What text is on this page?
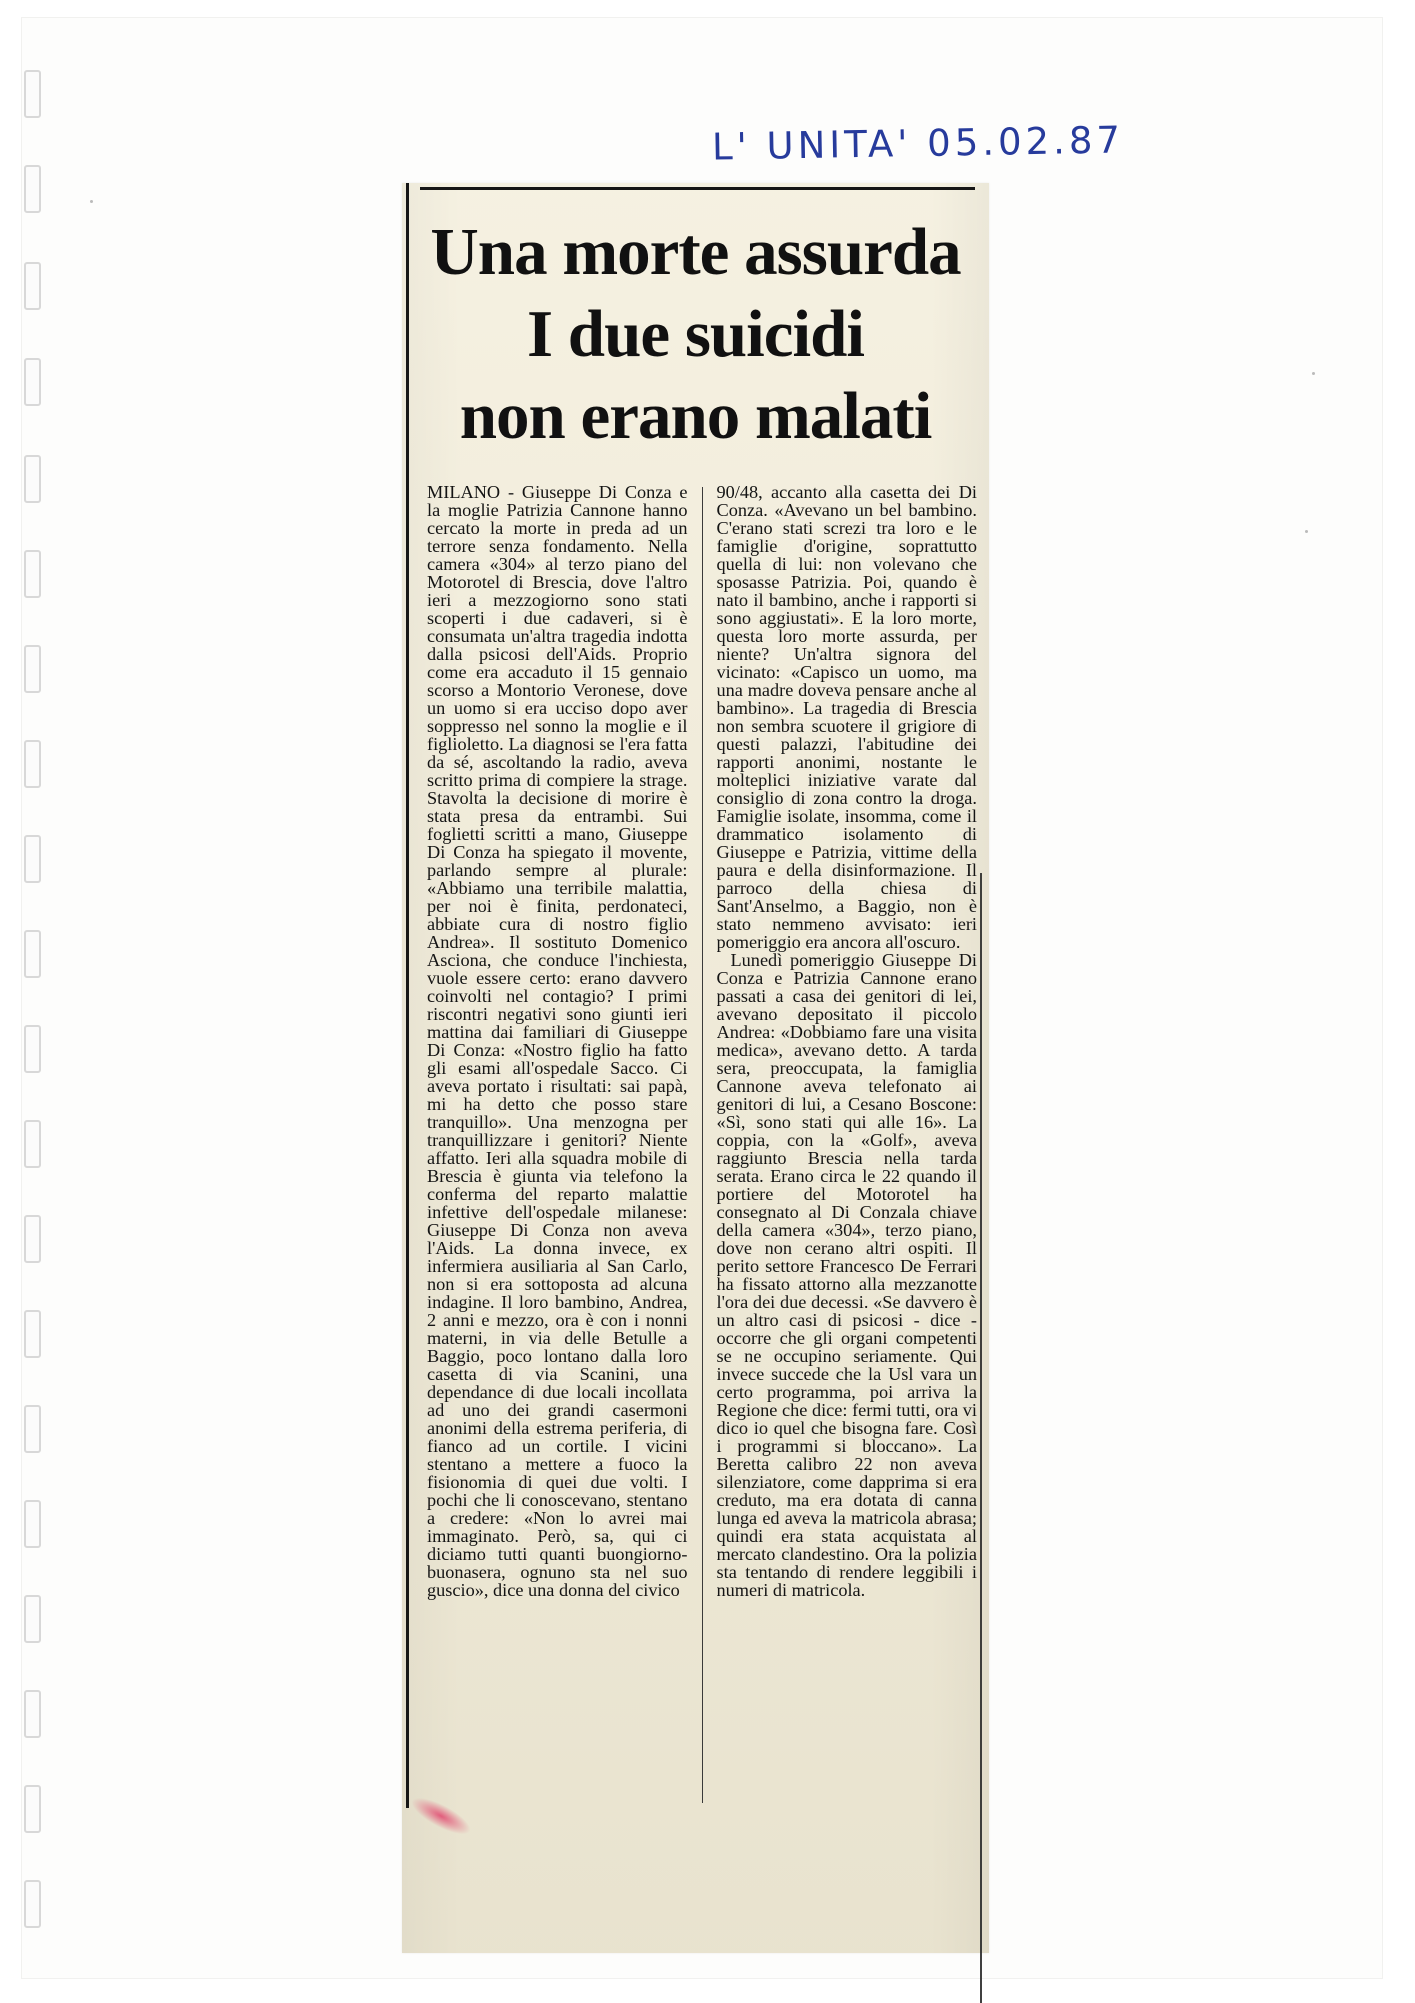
L' UNITA' 05.02.87
Una morte assurda
I due suicidi
non erano malati

MILANO - Giuseppe Di Conza e la moglie Patrizia Cannone hanno cercato la morte in preda ad un terrore senza fondamento. Nella camera «304» al terzo piano del Motorotel di Brescia, dove l'altro ieri a mezzogiorno sono stati scoperti i due cadaveri, si è consumata un'altra tragedia indotta dalla psicosi dell'Aids. Proprio come era accaduto il 15 gennaio scorso a Montorio Veronese, dove un uomo si era ucciso dopo aver soppresso nel sonno la moglie e il figlioletto. La diagnosi se l'era fatta da sé, ascoltando la radio, aveva scritto prima di compiere la strage. Stavolta la decisione di morire è stata presa da entrambi. Sui foglietti scritti a mano, Giuseppe Di Conza ha spiegato il movente, parlando sempre al plurale: «Abbiamo una terribile malattia, per noi è finita, perdonateci, abbiate cura di nostro figlio Andrea». Il sostituto Domenico Asciona, che conduce l'inchiesta, vuole essere certo: erano davvero coinvolti nel contagio? I primi riscontri negativi sono giunti ieri mattina dai familiari di Giuseppe Di Conza: «Nostro figlio ha fatto gli esami all'ospedale Sacco. Ci aveva portato i risultati: sai papà, mi ha detto che posso stare tranquillo». Una menzogna per tranquillizzare i genitori? Niente affatto. Ieri alla squadra mobile di Brescia è giunta via telefono la conferma del reparto malattie infettive dell'ospedale milanese: Giuseppe Di Conza non aveva l'Aids. La donna invece, ex infermiera ausiliaria al San Carlo, non si era sottoposta ad alcuna indagine. Il loro bambino, Andrea, 2 anni e mezzo, ora è con i nonni materni, in via delle Betulle a Baggio, poco lontano dalla loro casetta di via Scanini, una dependance di due locali incollata ad uno dei grandi casermoni anonimi della estrema periferia, di fianco ad un cortile. I vicini stentano a mettere a fuoco la fisionomia di quei due volti. I pochi che li conoscevano, stentano a credere: «Non lo avrei mai immaginato. Però, sa, qui ci diciamo tutti quanti buongiorno-buonasera, ognuno sta nel suo guscio», dice una donna del civico

90/48, accanto alla casetta dei Di Conza. «Avevano un bel bambino. C'erano stati screzi tra loro e le famiglie d'origine, soprattutto quella di lui: non volevano che sposasse Patrizia. Poi, quando è nato il bambino, anche i rapporti si sono aggiustati». E la loro morte, questa loro morte assurda, per niente? Un'altra signora del vicinato: «Capisco un uomo, ma una madre doveva pensare anche al bambino». La tragedia di Brescia non sembra scuotere il grigiore di questi palazzi, l'abitudine dei rapporti anonimi, nostante le molteplici iniziative varate dal consiglio di zona contro la droga. Famiglie isolate, insomma, come il drammatico isolamento di Giuseppe e Patrizia, vittime della paura e della disinformazione. Il parroco della chiesa di Sant'Anselmo, a Baggio, non è stato nemmeno avvisato: ieri pomeriggio era ancora all'oscuro.

Lunedì pomeriggio Giuseppe Di Conza e Patrizia Cannone erano passati a casa dei genitori di lei, avevano depositato il piccolo Andrea: «Dobbiamo fare una visita medica», avevano detto. A tarda sera, preoccupata, la famiglia Cannone aveva telefonato ai genitori di lui, a Cesano Boscone: «Sì, sono stati qui alle 16». La coppia, con la «Golf», aveva raggiunto Brescia nella tarda serata. Erano circa le 22 quando il portiere del Motorotel ha consegnato al Di Conzala chiave della camera «304», terzo piano, dove non cerano altri ospiti. Il perito settore Francesco De Ferrari ha fissato attorno alla mezzanotte l'ora dei due decessi. «Se davvero è un altro casi di psicosi - dice - occorre che gli organi competenti se ne occupino seriamente. Qui invece succede che la Usl vara un certo programma, poi arriva la Regione che dice: fermi tutti, ora vi dico io quel che bisogna fare. Così i programmi si bloccano». La Beretta calibro 22 non aveva silenziatore, come dapprima si era creduto, ma era dotata di canna lunga ed aveva la matricola abrasa; quindi era stata acquistata al mercato clandestino. Ora la polizia sta tentando di rendere leggibili i numeri di matricola.
